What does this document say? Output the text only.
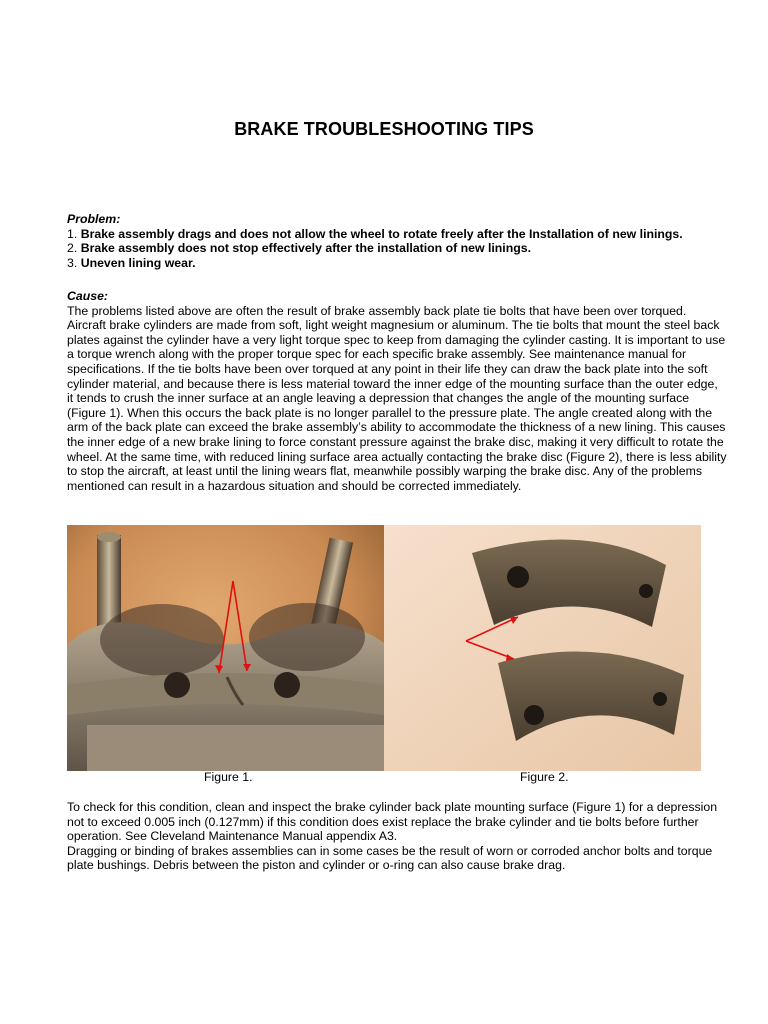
BRAKE TROUBLESHOOTING TIPS
Problem:
1. Brake assembly drags and does not allow the wheel to rotate freely after the Installation of new linings.
2. Brake assembly does not stop effectively after the installation of new linings.
3. Uneven lining wear.
Cause:
The problems listed above are often the result of brake assembly back plate tie bolts that have been over torqued. Aircraft brake cylinders are made from soft, light weight magnesium or aluminum. The tie bolts that mount the steel back plates against the cylinder have a very light torque spec to keep from damaging the cylinder casting. It is important to use a torque wrench along with the proper torque spec for each specific brake assembly. See maintenance manual for specifications. If the tie bolts have been over torqued at any point in their life they can draw the back plate into the soft cylinder material, and because there is less material toward the inner edge of the mounting surface than the outer edge, it tends to crush the inner surface at an angle leaving a depression that changes the angle of the mounting surface (Figure 1). When this occurs the back plate is no longer parallel to the pressure plate. The angle created along with the arm of the back plate can exceed the brake assembly’s ability to accommodate the thickness of a new lining. This causes the inner edge of a new brake lining to force constant pressure against the brake disc, making it very difficult to rotate the wheel. At the same time, with reduced lining surface area actually contacting the brake disc (Figure 2), there is less ability to stop the aircraft, at least until the lining wears flat, meanwhile possibly warping the brake disc. Any of the problems mentioned can result in a hazardous situation and should be corrected immediately.
Figure 1.	Figure 2.
To check for this condition, clean and inspect the brake cylinder back plate mounting surface (Figure 1) for a depression not to exceed 0.005 inch (0.127mm) if this condition does exist replace the brake cylinder and tie bolts before further operation. See Cleveland Maintenance Manual appendix A3.
Dragging or binding of brakes assemblies can in some cases be the result of worn or corroded anchor bolts and torque plate bushings. Debris between the piston and cylinder or o-ring can also cause brake drag.
